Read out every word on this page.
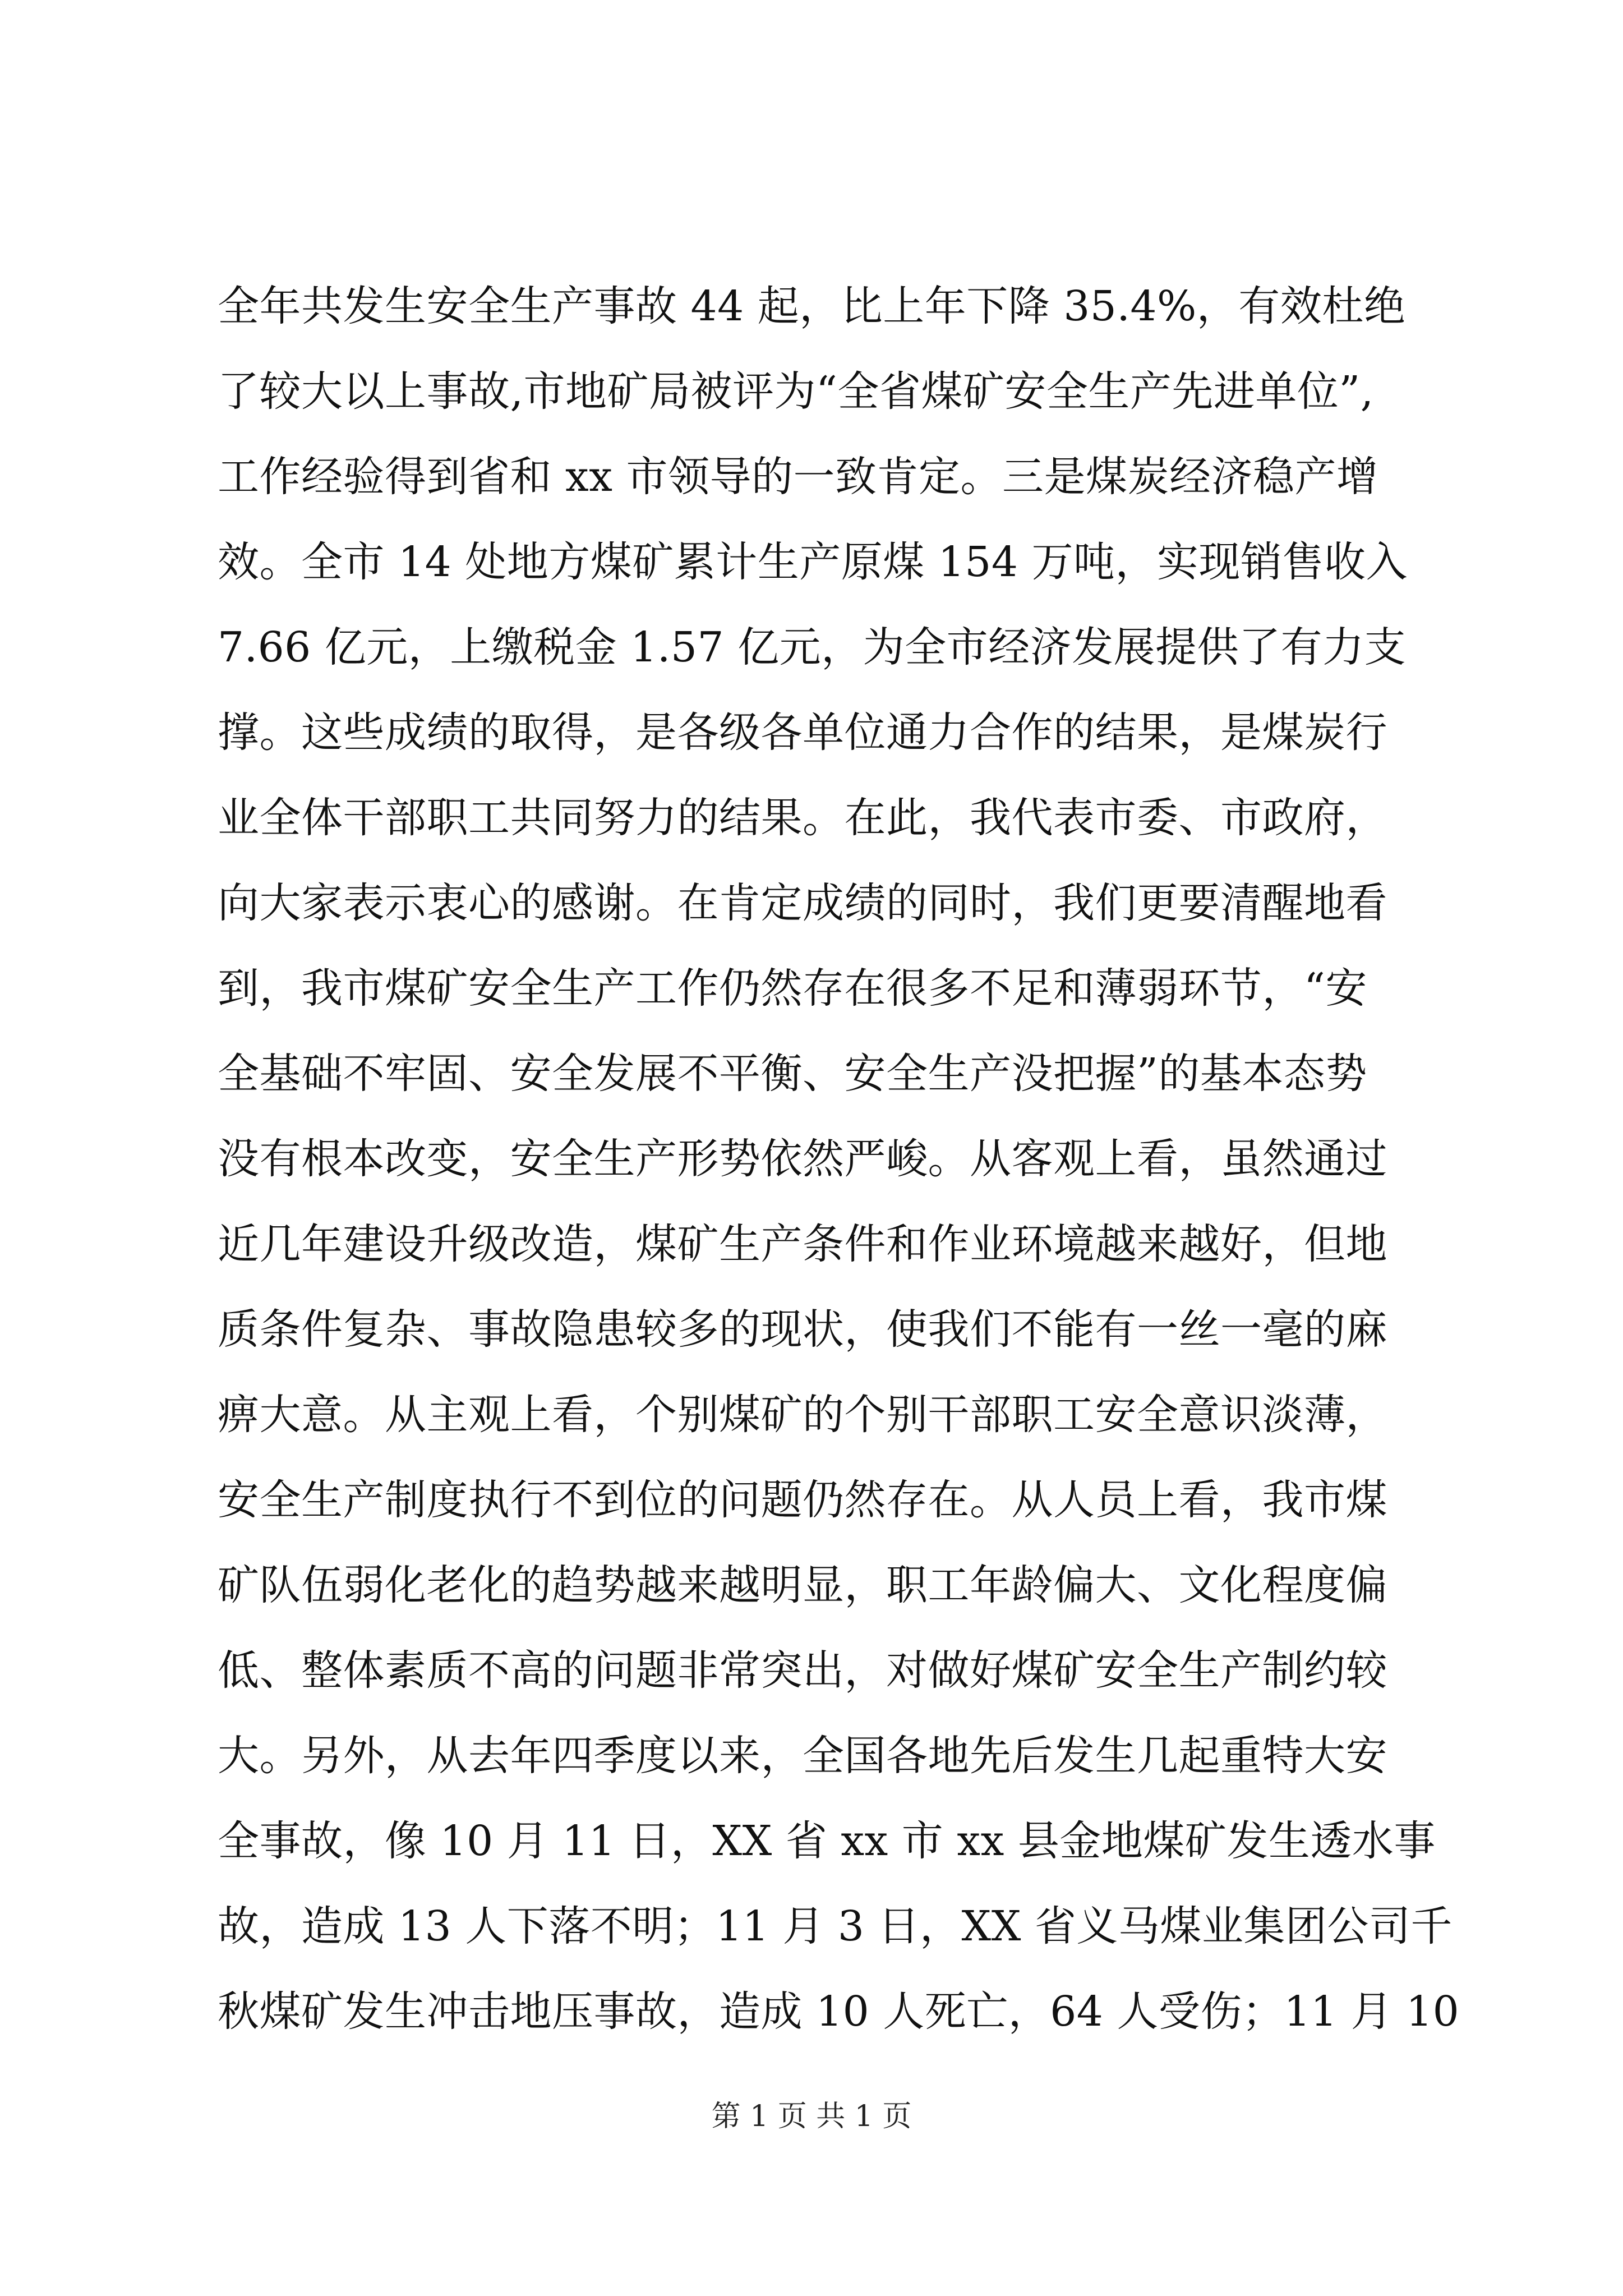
全年共发生安全生产事故 44 起，比上年下降 35.4%，有效杜绝
了较大以上事故,市地矿局被评为“全省煤矿安全生产先进单位”,
工作经验得到省和 xx 市领导的一致肯定。三是煤炭经济稳产增
效。全市 14 处地方煤矿累计生产原煤 154 万吨，实现销售收入
7.66 亿元，上缴税金 1.57 亿元，为全市经济发展提供了有力支
撑。这些成绩的取得，是各级各单位通力合作的结果，是煤炭行
业全体干部职工共同努力的结果。在此，我代表市委、市政府，
向大家表示衷心的感谢。在肯定成绩的同时，我们更要清醒地看
到，我市煤矿安全生产工作仍然存在很多不足和薄弱环节，“安
全基础不牢固、安全发展不平衡、安全生产没把握”的基本态势
没有根本改变，安全生产形势依然严峻。从客观上看，虽然通过
近几年建设升级改造，煤矿生产条件和作业环境越来越好，但地
质条件复杂、事故隐患较多的现状，使我们不能有一丝一毫的麻
痹大意。从主观上看，个别煤矿的个别干部职工安全意识淡薄，
安全生产制度执行不到位的问题仍然存在。从人员上看，我市煤
矿队伍弱化老化的趋势越来越明显，职工年龄偏大、文化程度偏
低、整体素质不高的问题非常突出，对做好煤矿安全生产制约较
大。另外，从去年四季度以来，全国各地先后发生几起重特大安
全事故，像 10 月 11 日，XX 省 xx 市 xx 县金地煤矿发生透水事
故，造成 13 人下落不明；11 月 3 日，XX 省义马煤业集团公司千
秋煤矿发生冲击地压事故，造成 10 人死亡，64 人受伤；11 月 10
第 1 页 共 1 页
